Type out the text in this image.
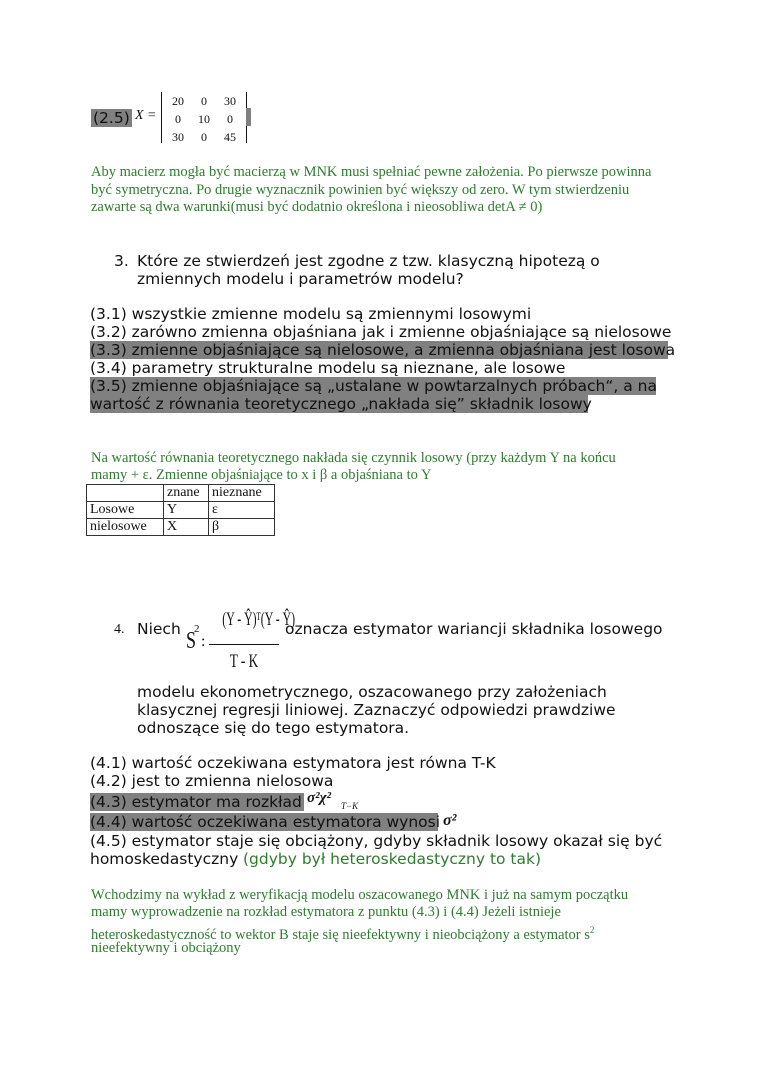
(2.5) X =
20 0 30
0 10 0
30 0 45
Aby macierz mogła być macierzą w MNK musi spełniać pewne założenia. Po pierwsze powinna być symetryczna. Po drugie wyznacznik powinien być większy od zero. W tym stwierdzeniu zawarte są dwa warunki(musi być dodatnio określona i nieosobliwa detA ≠ 0)
3. Które ze stwierdzeń jest zgodne z tzw. klasyczną hipotezą o
zmiennych modelu i parametrów modelu?
(3.1) wszystkie zmienne modelu są zmiennymi losowymi
(3.2) zarówno zmienna objaśniana jak i zmienne objaśniające są nielosowe
(3.3) zmienne objaśniające są nielosowe, a zmienna objaśniana jest losowa
(3.4) parametry strukturalne modelu są nieznane, ale losowe
(3.5) zmienne objaśniające są „ustalane w powtarzalnych próbach“, a na
wartość z równania teoretycznego „nakłada się” składnik losowy
Na wartość równania teoretycznego nakłada się czynnik losowy (przy każdym Y na końcu
mamy + ε. Zmienne objaśniające to x i β a objaśniana to Y
	znane	nieznane
Losowe	Y	ε
nielosowe	X	β
4. Niech S
2
:
(Y - Ŷ)ᵀ(Y - Ŷ)
T - K
oznacza estymator wariancji składnika losowego
modelu ekonometrycznego, oszacowanego przy założeniach
klasycznej regresji liniowej. Zaznaczyć odpowiedzi prawdziwe
odnoszące się do tego estymatora.
(4.1) wartość oczekiwana estymatora jest równa T-K
(4.2) jest to zmienna nielosowa
(4.3) estymator ma rozkład σ²χ² T−K
(4.4) wartość oczekiwana estymatora wynosi σ²
(4.5) estymator staje się obciążony, gdyby składnik losowy okazał się być
homoskedastyczny (gdyby był heteroskedastyczny to tak)
Wchodzimy na wykład z weryfikacją modelu oszacowanego MNK i już na samym początku
mamy wyprowadzenie na rozkład estymatora z punktu (4.3) i (4.4) Jeżeli istnieje
heteroskedastyczność to wektor B staje się nieefektywny i nieobciążony a estymator $s^2$
nieefektywny i obciążony
